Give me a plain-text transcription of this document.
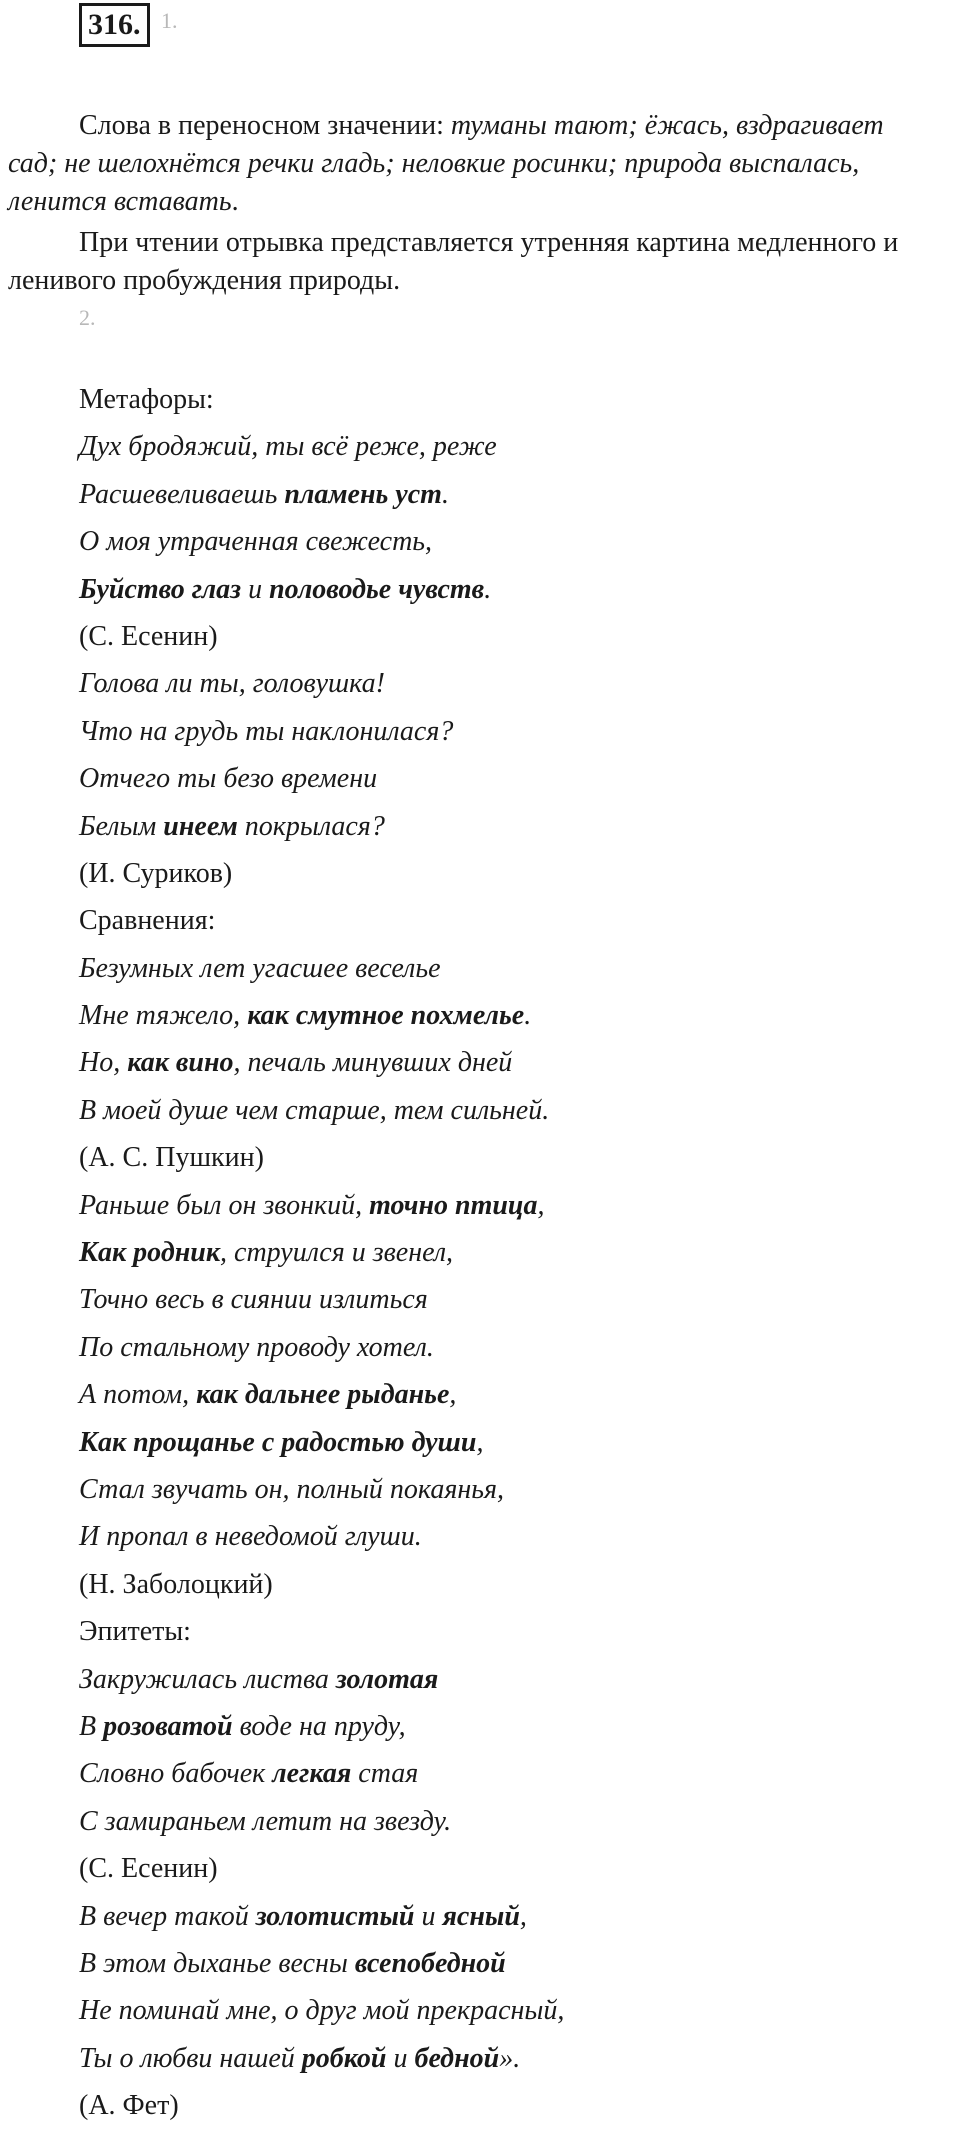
316. 1.

Слова в переносном значении: туманы тают; ёжась, вздрагивает
сад; не шелохнётся речки гладь; неловкие росинки; природа выспалась,
ленится вставать.

При чтении отрывка представляется утренняя картина медленного и
ленивого пробуждения природы.

2.
Метафоры:
Дух бродяжий, ты всё реже, реже
Расшевеливаешь пламень уст.
О моя утраченная свежесть,
Буйство глаз и половодье чувств.
(С. Есенин)
Голова ли ты, головушка!
Что на грудь ты наклонилася?
Отчего ты безо времени
Белым инеем покрылася?
(И. Суриков)
Сравнения:
Безумных лет угасшее веселье
Мне тяжело, как смутное похмелье.
Но, как вино, печаль минувших дней
В моей душе чем старше, тем сильней.
(А. С. Пушкин)
Раньше был он звонкий, точно птица,
Как родник, струился и звенел,
Точно весь в сиянии излиться
По стальному проводу хотел.
А потом, как дальнее рыданье,
Как прощанье с радостью души,
Стал звучать он, полный покаянья,
И пропал в неведомой глуши.
(Н. Заболоцкий)
Эпитеты:
Закружилась листва золотая
В розоватой воде на пруду,
Словно бабочек легкая стая
С замираньем летит на звезду.
(С. Есенин)
В вечер такой золотистый и ясный,
В этом дыханье весны всепобедной
Не поминай мне, о друг мой прекрасный,
Ты о любви нашей робкой и бедной».
(А. Фет)
